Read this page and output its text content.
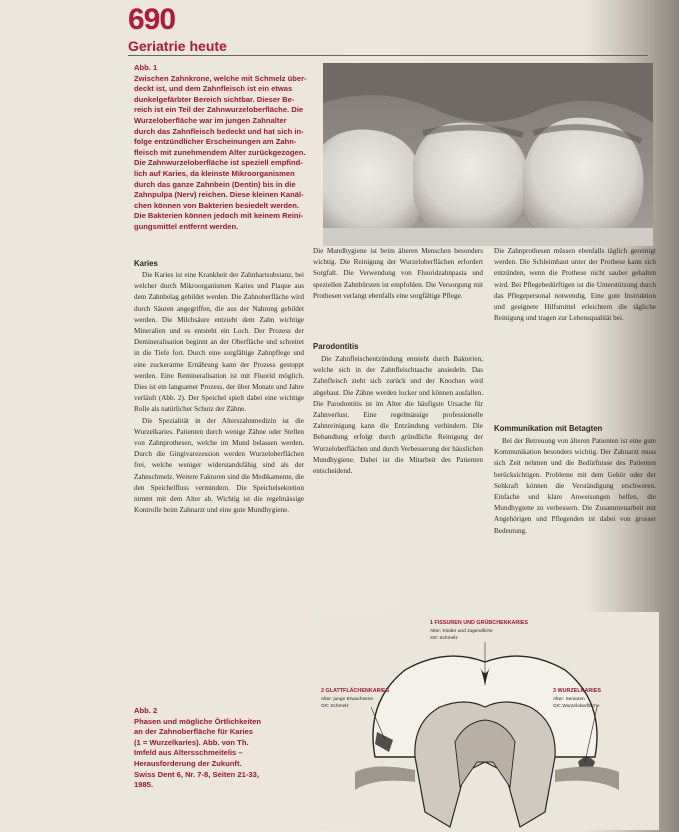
690
Geriatrie heute
Abb. 1
Zwischen Zahnkrone, welche mit Schmelz über-
deckt ist, und dem Zahnfleisch ist ein etwas
dunkelgefärbter Bereich sichtbar. Dieser Be-
reich ist ein Teil der Zahnwurzeloberfläche. Die
Wurzeloberfläche war im jungen Zahnalter
durch das Zahnfleisch bedeckt und hat sich in-
folge entzündlicher Erscheinungen am Zahn-
fleisch mit zunehmendem Alter zurückgezogen.
Die Zahnwurzeloberfläche ist speziell empfind-
lich auf Karies, da kleinste Mikroorganismen
durch das ganze Zahnbein (Dentin) bis in die
Zahnpulpa (Nerv) reichen. Diese kleinen Kanäl-
chen können von Bakterien besiedelt werden.
Die Bakterien können jedoch mit keinem Reini-
gungsmittel entfernt werden.
Karies

Die Karies ist eine Krankheit der Zahnhartsubstanz, bei welcher durch Mikroorganismen Karies und Plaque aus dem Zahnbelag gebildet werden. Die Zahnoberfläche wird durch Säuren angegriffen, die aus der Nahrung gebildet werden. Die Milchsäure entzieht dem Zahn wichtige Mineralien und es entsteht ein Loch. Der Prozess der Demineralisation beginnt an der Oberfläche und schreitet in die Tiefe fort. Durch eine sorgfältige Zahnpflege und eine zuckerarme Ernährung kann der Prozess gestoppt werden. Eine Remineralisation ist mit Fluorid möglich. Dies ist ein langsamer Prozess, der über Monate und Jahre verläuft (Abb. 2). Der Speichel spielt dabei eine wichtige Rolle als natürlicher Schutz der Zähne.

Die Spezialität in der Alterszahnmedizin ist die Wurzelkaries. Patienten durch wenige Zähne oder Stellen von Zahnprothesen, welche im Mund belassen werden. Durch die Gingivarezession werden Wurzeloberflächen frei, welche weniger widerstandsfähig sind als der Zahnschmelz. Weitere Faktoren sind die Medikamente, die den Speichelfluss vermindern. Die Speichelsekretion nimmt mit dem Alter ab. Wichtig ist die regelmässige Kontrolle beim Zahnarzt und eine gute Mundhygiene.

Die Mundhygiene ist beim älteren Menschen besonders wichtig. Die Reinigung der Wurzeloberflächen erfordert Sorgfalt. Die Verwendung von Fluoridzahnpasta und speziellen Zahnbürsten ist empfohlen. Die Versorgung mit Prothesen verlangt ebenfalls eine sorgfältige Pflege.

Parodontitis

Die Zahnfleischentzündung entsteht durch Bakterien, welche sich in der Zahnfleischtasche ansiedeln. Das Zahnfleisch zieht sich zurück und der Knochen wird abgebaut. Die Zähne werden locker und können ausfallen. Die Parodontitis ist im Alter die häufigste Ursache für Zahnverlust. Eine regelmässige professionelle Zahnreinigung kann die Entzündung verhindern. Die Behandlung erfolgt durch gründliche Reinigung der Wurzeloberflächen und durch Verbesserung der häuslichen Mundhygiene. Dabei ist die Mitarbeit des Patienten entscheidend.

Die Zahnprothesen müssen ebenfalls täglich gereinigt werden. Die Schleimhaut unter der Prothese kann sich entzünden, wenn die Prothese nicht sauber gehalten wird. Bei Pflegebedürftigen ist die Unterstützung durch das Pflegepersonal notwendig. Eine gute Instruktion und geeignete Hilfsmittel erleichtern die tägliche Reinigung und tragen zur Lebensqualität bei.

Kommunikation mit Betagten

Bei der Betreuung von älteren Patienten ist eine gute Kommunikation besonders wichtig. Der Zahnarzt muss sich Zeit nehmen und die Bedürfnisse des Patienten berücksichtigen. Probleme mit dem Gehör oder der Sehkraft können die Verständigung erschweren. Einfache und klare Anweisungen helfen, die Mundhygiene zu verbessern. Die Zusammenarbeit mit Angehörigen und Pflegenden ist dabei von grosser Bedeutung.

Abb. 2
Phasen und mögliche Örtlichkeiten
an der Zahnoberfläche für Karies
(1 = Wurzelkaries). Abb. von Th.
Imfeld aus Altersschmeitelis –
Herausforderung der Zukunft.
Swiss Dent 6, Nr. 7-8, Seiten 21-33,
1985.
1 FISSUREN UND GRÜBCHENKARIES
Alter: Kinder und Jugendliche
Ort: Schmelz
2 GLATTFLÄCHENKARIES
Alter: junge Erwachsene
Ort: Schmelz
3 WURZELKARIES
Alter: Senioren
Ort: Wurzeloberfläche
